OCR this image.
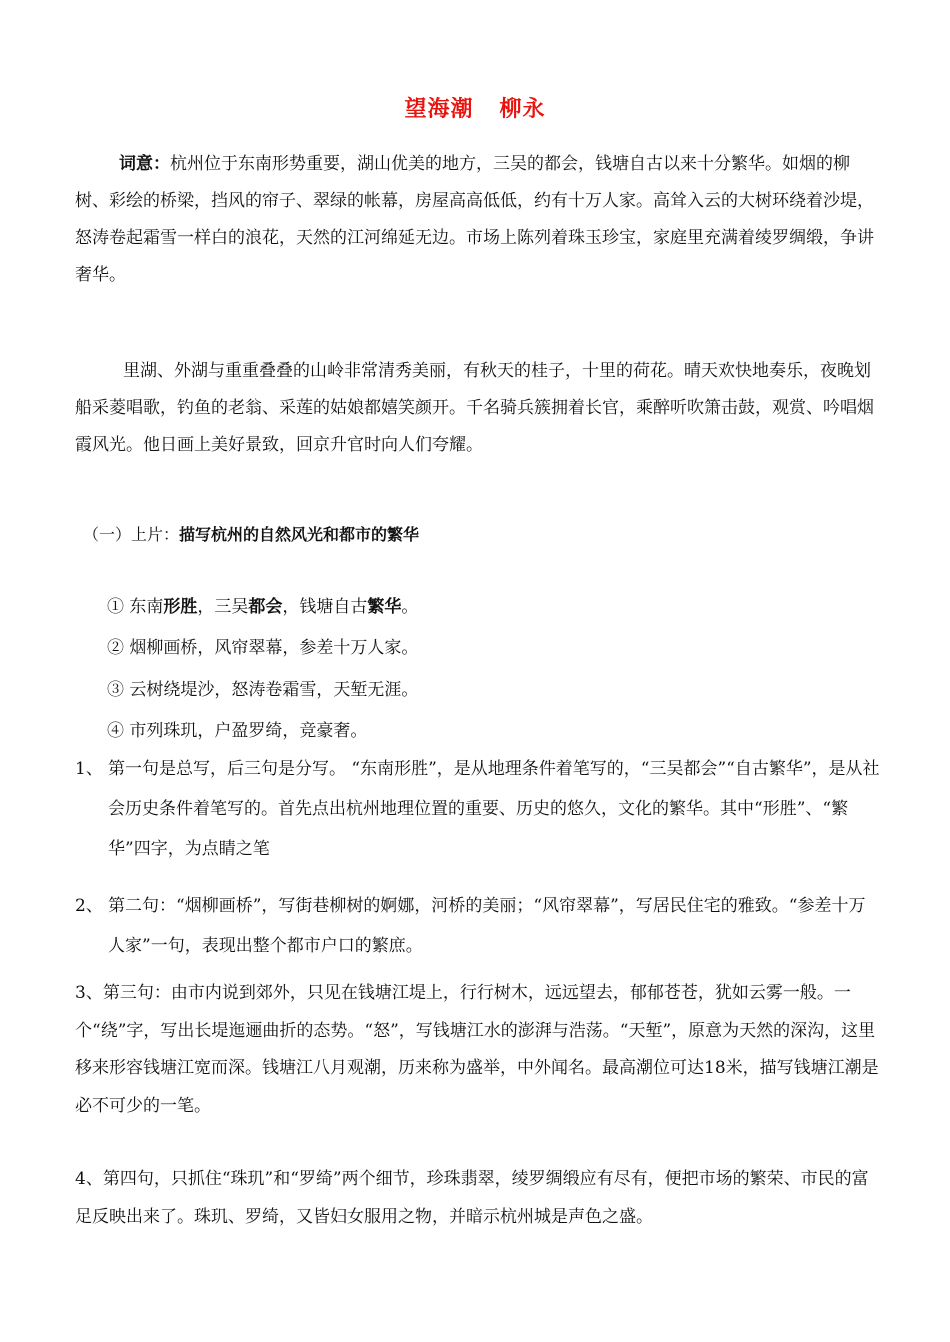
望海潮 柳永
词意：杭州位于东南形势重要，湖山优美的地方，三吴的都会，钱塘自古以来十分繁华。如烟的柳树、彩绘的桥梁，挡风的帘子、翠绿的帐幕，房屋高高低低，约有十万人家。高耸入云的大树环绕着沙堤，怒涛卷起霜雪一样白的浪花，天然的江河绵延无边。市场上陈列着珠玉珍宝，家庭里充满着绫罗绸缎，争讲奢华。
里湖、外湖与重重叠叠的山岭非常清秀美丽，有秋天的桂子，十里的荷花。晴天欢快地奏乐，夜晚划船采菱唱歌，钓鱼的老翁、采莲的姑娘都嬉笑颜开。千名骑兵簇拥着长官，乘醉听吹箫击鼓，观赏、吟唱烟霞风光。他日画上美好景致，回京升官时向人们夸耀。
（一）上片：描写杭州的自然风光和都市的繁华
① 东南形胜，三吴都会，钱塘自古繁华。
② 烟柳画桥，风帘翠幕，参差十万人家。
③ 云树绕堤沙，怒涛卷霜雪，天堑无涯。
④ 市列珠玑，户盈罗绮，竞豪奢。
1、 第一句是总写，后三句是分写。 “东南形胜”，是从地理条件着笔写的，“三吴都会”“自古繁华”，是从社会历史条件着笔写的。首先点出杭州地理位置的重要、历史的悠久，文化的繁华。其中“形胜”、“繁华”四字，为点睛之笔
2、 第二句：“烟柳画桥”，写街巷柳树的婀娜，河桥的美丽；“风帘翠幕”，写居民住宅的雅致。“参差十万人家”一句，表现出整个都市户口的繁庶。
3、第三句：由市内说到郊外，只见在钱塘江堤上，行行树木，远远望去，郁郁苍苍，犹如云雾一般。一个“绕”字，写出长堤迤逦曲折的态势。“怒”，写钱塘江水的澎湃与浩荡。“天堑”，原意为天然的深沟，这里移来形容钱塘江宽而深。钱塘江八月观潮，历来称为盛举，中外闻名。最高潮位可达18米，描写钱塘江潮是必不可少的一笔。
4、第四句，只抓住“珠玑”和“罗绮”两个细节，珍珠翡翠，绫罗绸缎应有尽有，便把市场的繁荣、市民的富足反映出来了。珠玑、罗绮，又皆妇女服用之物，并暗示杭州城是声色之盛。
